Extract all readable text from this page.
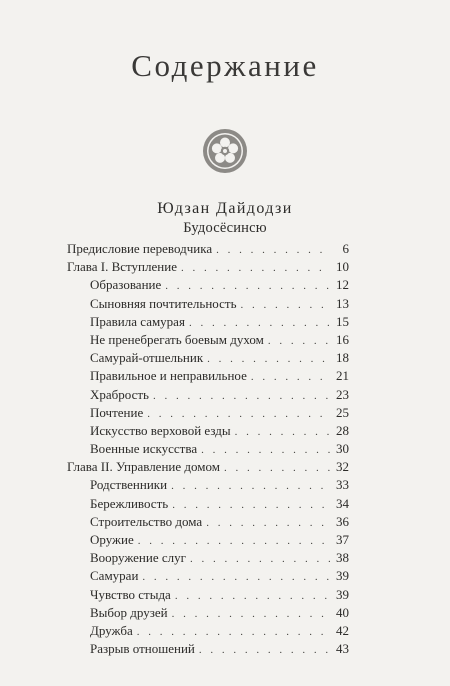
Содержание
Юдзан Дайдодзи
Будосёсинсю
Предисловие переводчика . . .	6
Глава I. Вступление . . .	10
Образование . . .	12
Сыновняя почтительность . . .	13
Правила самурая . . .	15
Не пренебрегать боевым духом . . .	16
Самурай-отшельник . . .	18
Правильное и неправильное . . .	21
Храбрость . . .	23
Почтение . . .	25
Искусство верховой езды . . .	28
Военные искусства . . .	30
Глава II. Управление домом . . .	32
Родственники . . .	33
Бережливость . . .	34
Строительство дома . . .	36
Оружие . . .	37
Вооружение слуг . . .	38
Самураи . . .	39
Чувство стыда . . .	39
Выбор друзей . . .	40
Дружба . . .	42
Разрыв отношений . . .	43
